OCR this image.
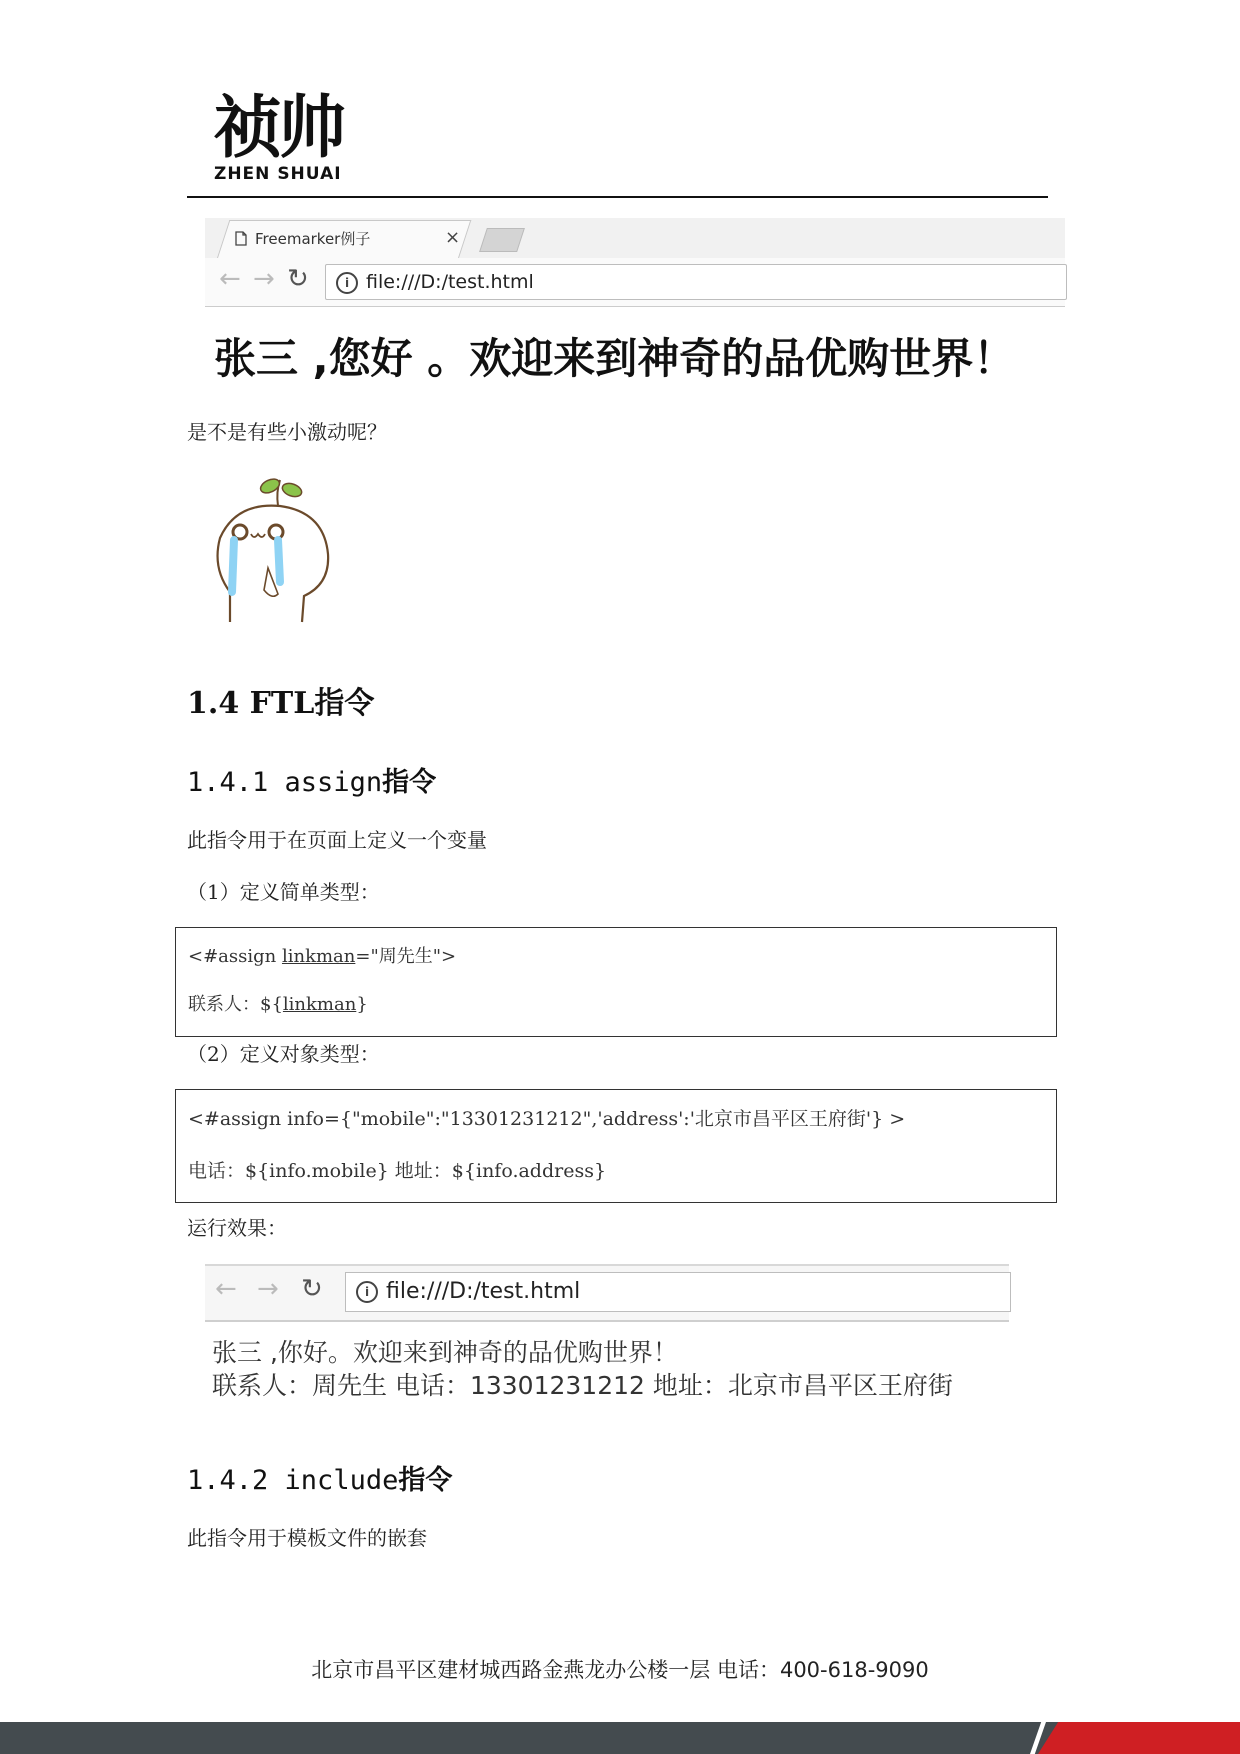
祯帅
ZHEN SHUAI
Freemarker例子	×
← → ↻	i file:///D:/test.html
张三 ,您好 。欢迎来到神奇的品优购世界！
是不是有些小激动呢？
1.4 FTL指令
1.4.1 assign指令
此指令用于在页面上定义一个变量
（1）定义简单类型：
<#assign linkman="周先生">
联系人：${linkman}
（2）定义对象类型：
<#assign info={"mobile":"13301231212",'address':'北京市昌平区王府街'} >
电话：${info.mobile} 地址：${info.address}
运行效果：
← → ↻	i file:///D:/test.html
张三 ,你好。欢迎来到神奇的品优购世界！
联系人：周先生 电话：13301231212 地址：北京市昌平区王府街
1.4.2 include指令
此指令用于模板文件的嵌套
北京市昌平区建材城西路金燕龙办公楼一层 电话：400-618-9090
